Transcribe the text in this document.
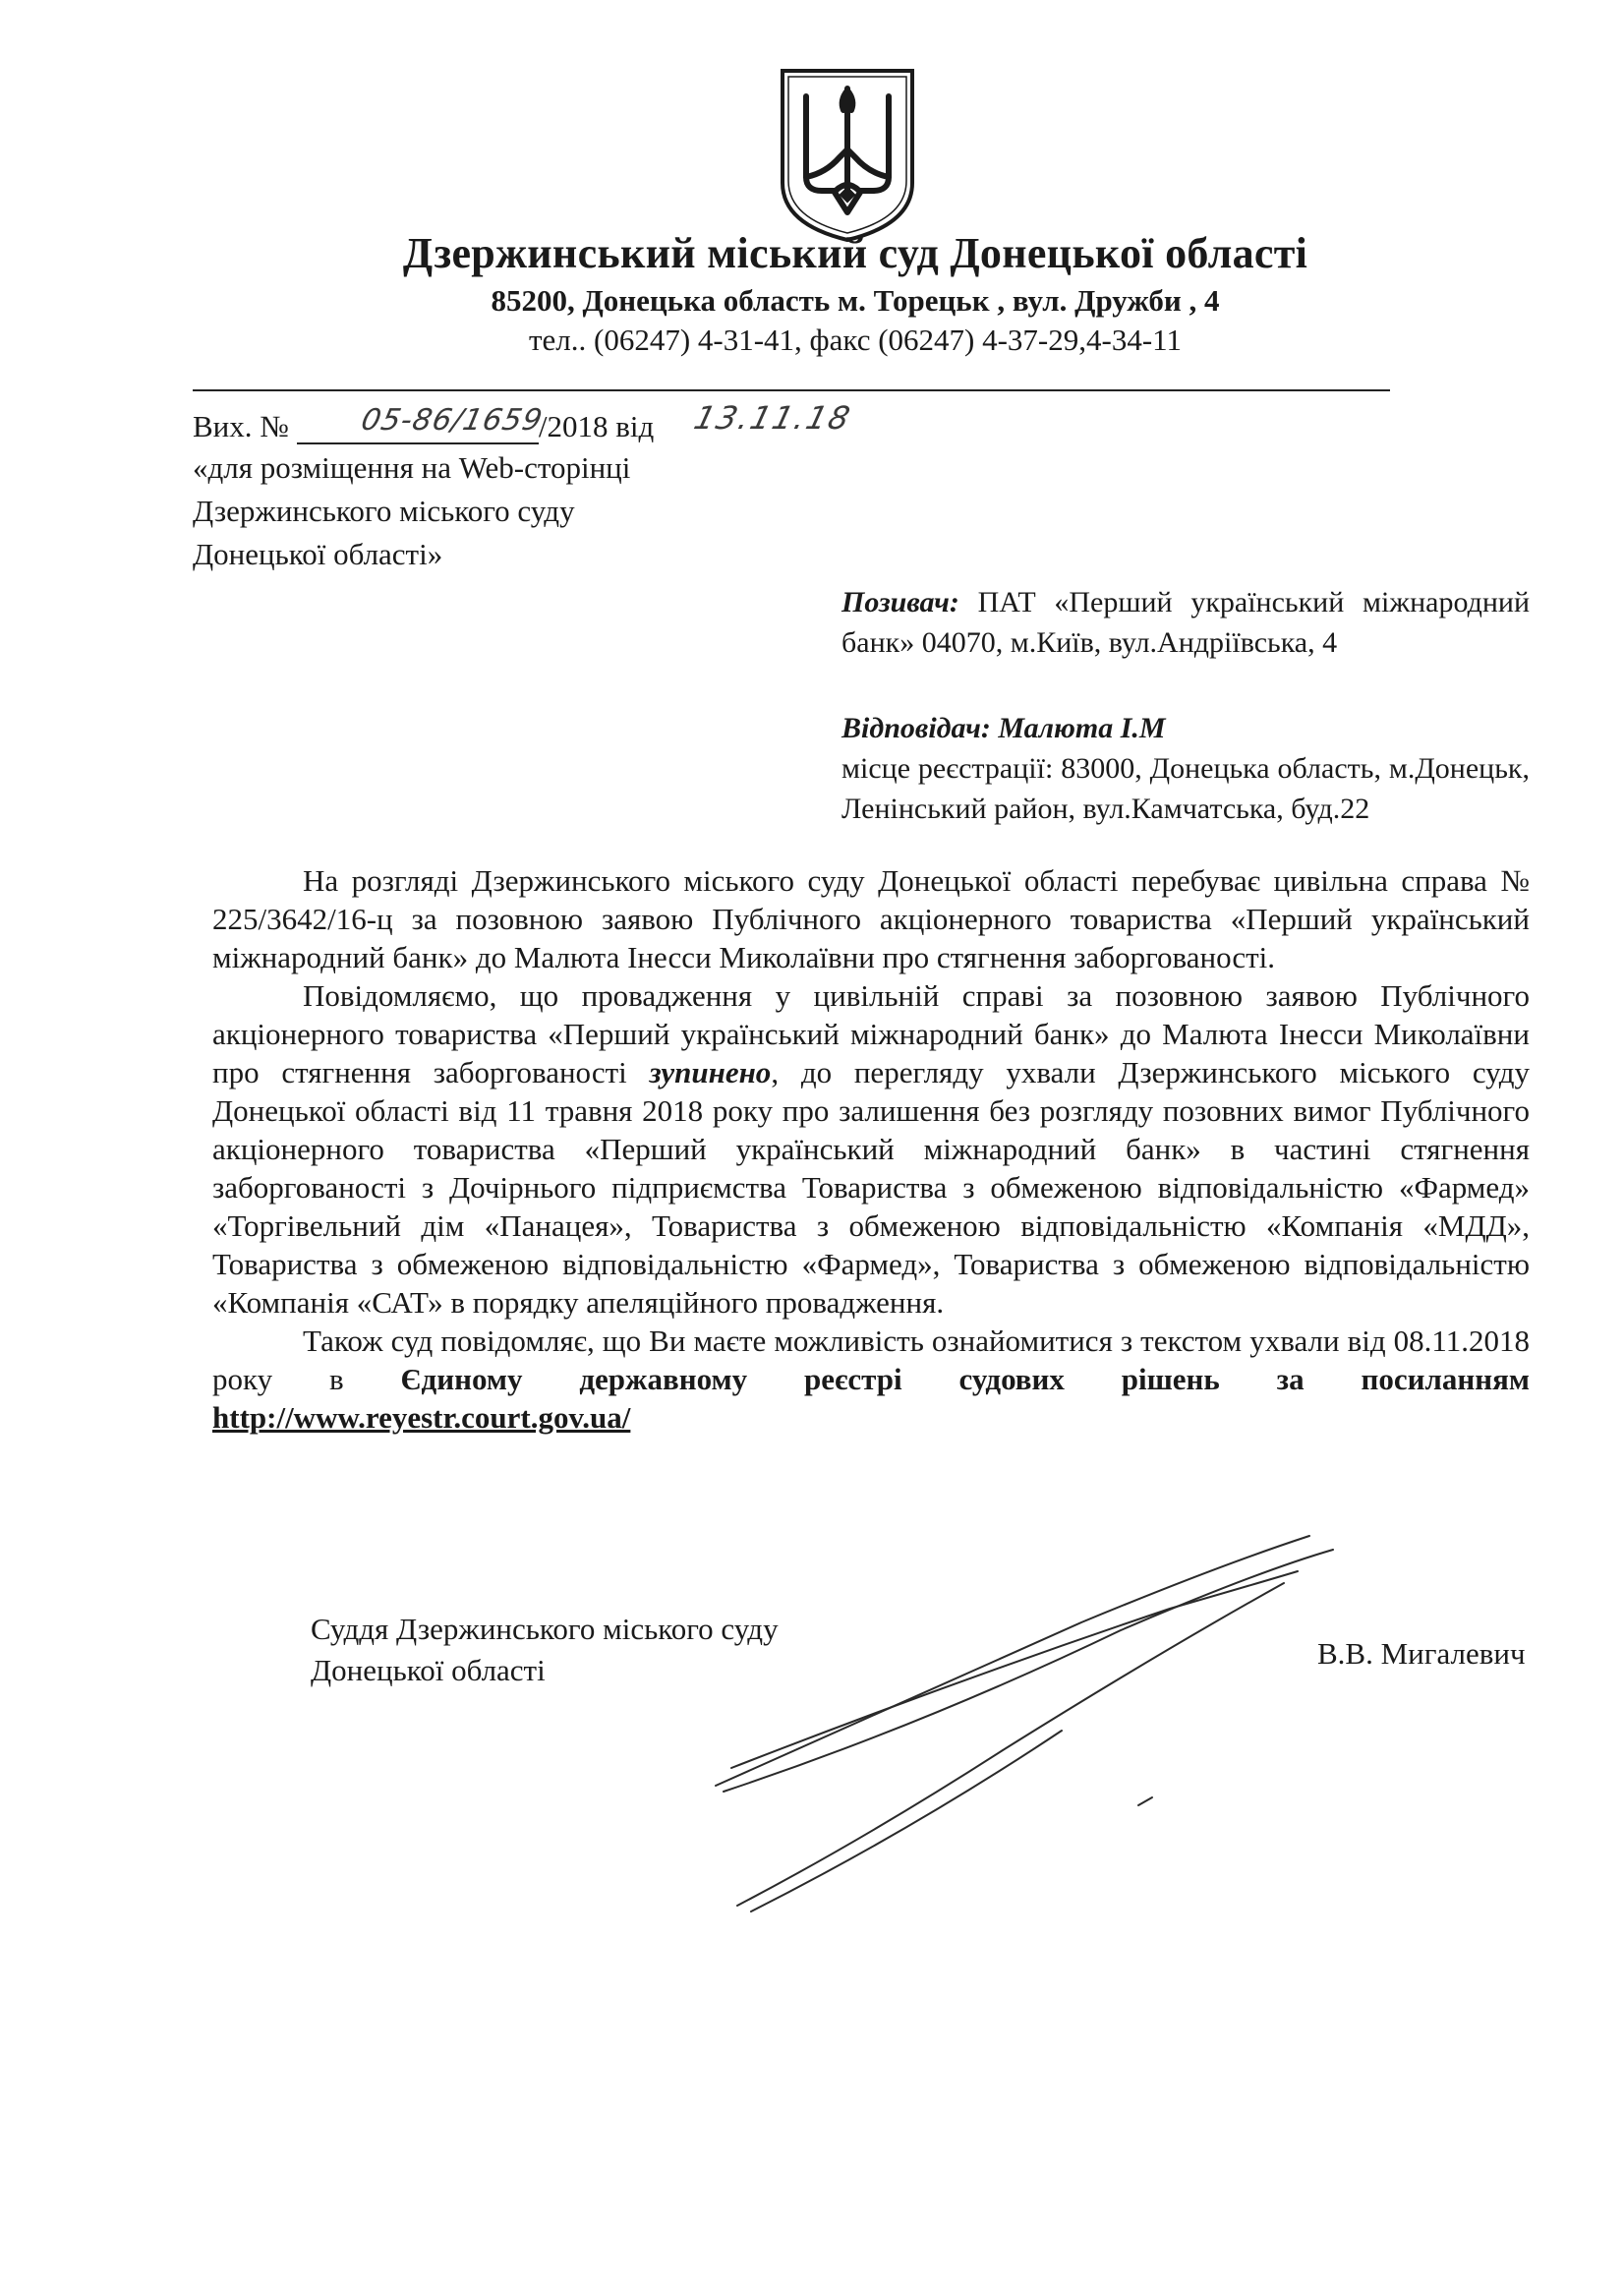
Дзержинський міський суд Донецької області
85200, Донецька область м. Торецьк , вул. Дружби , 4
тел.. (06247) 4-31-41, факс (06247) 4-37-29,4-34-11
Вих. № 05-86/1659
/2018 від 13.11.18
«для розміщення на Web-сторінці
Дзержинського міського суду
Донецької області»
Позивач: ПАТ «Перший український міжнародний банк» 04070, м.Київ, вул.Андріївська, 4
Відповідач: Малюта І.М
місце реєстрації: 83000, Донецька область, м.Донецьк, Ленінський район, вул.Камчатська, буд.22

На розгляді Дзержинського міського суду Донецької області перебуває цивільна справа № 225/3642/16-ц за позовною заявою Публічного акціонерного товариства «Перший український міжнародний банк» до Малюта Інесси Миколаївни про стягнення заборгованості.

Повідомляємо, що провадження у цивільній справі за позовною заявою Публічного акціонерного товариства «Перший український міжнародний банк» до Малюта Інесси Миколаївни про стягнення заборгованості зупинено, до перегляду ухвали Дзержинського міського суду Донецької області від 11 травня 2018 року про залишення без розгляду позовних вимог Публічного акціонерного товариства «Перший український міжнародний банк» в частині стягнення заборгованості з Дочірнього підприємства Товариства з обмеженою відповідальністю «Фармед» «Торгівельний дім «Панацея», Товариства з обмеженою відповідальністю «Компанія «МДД», Товариства з обмеженою відповідальністю «Фармед», Товариства з обмеженою відповідальністю «Компанія «САТ» в порядку апеляційного провадження.

Також суд повідомляє, що Ви маєте можливість ознайомитися з текстом ухвали від 08.11.2018 року в Єдиному державному реєстрі судових рішень за посиланням http://www.reyestr.court.gov.ua/

Суддя Дзержинського міського суду
Донецької області	В.В. Мигалевич
